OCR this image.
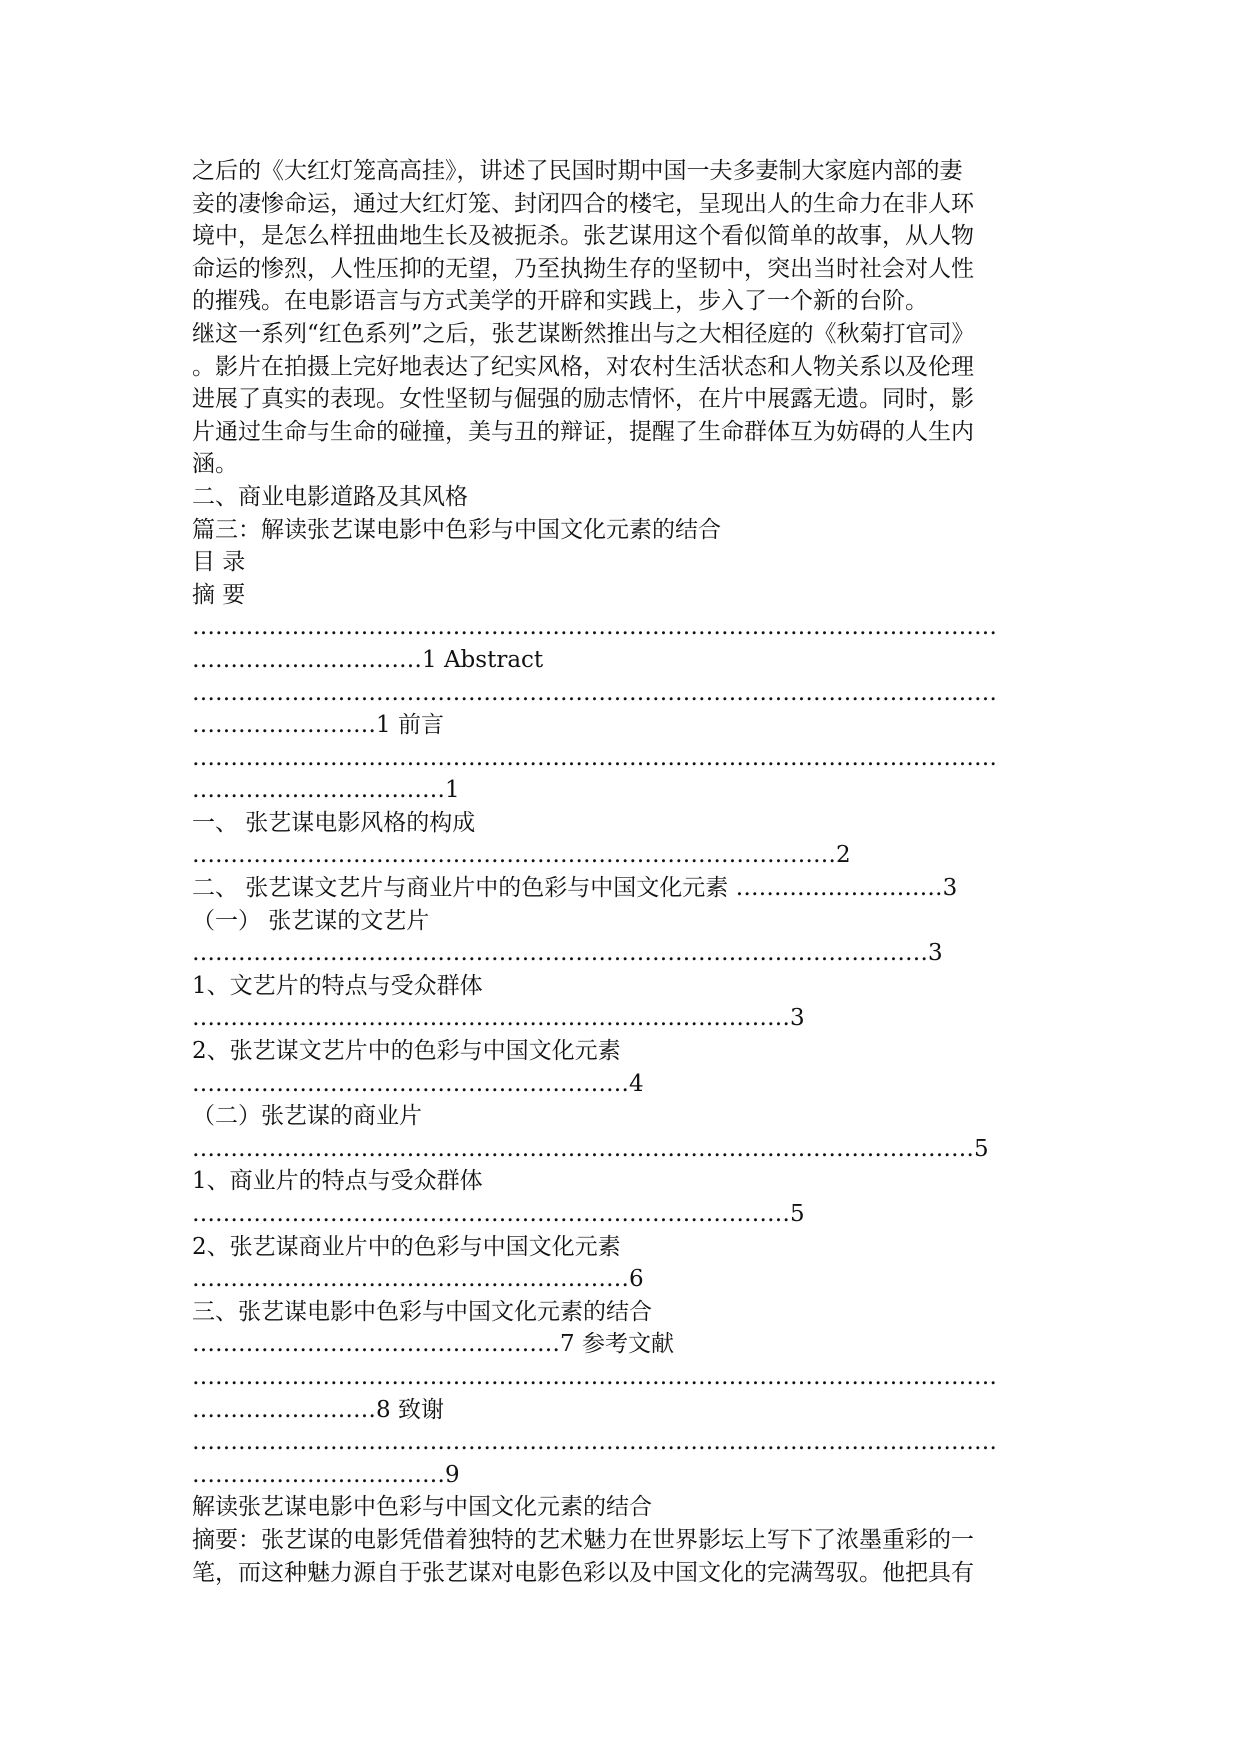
之后的《大红灯笼高高挂》，讲述了民国时期中国一夫多妻制大家庭内部的妻
妾的凄惨命运，通过大红灯笼、封闭四合的楼宅，呈现出人的生命力在非人环
境中，是怎么样扭曲地生长及被扼杀。张艺谋用这个看似简单的故事，从人物
命运的惨烈，人性压抑的无望，乃至执拗生存的坚韧中，突出当时社会对人性
的摧残。在电影语言与方式美学的开辟和实践上，步入了一个新的台阶。
继这一系列“红色系列”之后，张艺谋断然推出与之大相径庭的《秋菊打官司》
。影片在拍摄上完好地表达了纪实风格，对农村生活状态和人物关系以及伦理
进展了真实的表现。女性坚韧与倔强的励志情怀，在片中展露无遗。同时，影
片通过生命与生命的碰撞，美与丑的辩证，提醒了生命群体互为妨碍的人生内
涵。
二、商业电影道路及其风格
篇三：解读张艺谋电影中色彩与中国文化元素的结合
目 录
摘 要
……………………………………………………………………………………………
…………………………1 Abstract
……………………………………………………………………………………………
……………………1 前言
……………………………………………………………………………………………
……………………………1
一、 张艺谋电影风格的构成
…………………………………………………………………………2
二、 张艺谋文艺片与商业片中的色彩与中国文化元素 ………………………3
（一） 张艺谋的文艺片
……………………………………………………………………………………3
1、文艺片的特点与受众群体
……………………………………………………………………3
2、张艺谋文艺片中的色彩与中国文化元素
…………………………………………………4
（二）张艺谋的商业片
…………………………………………………………………………………………5
1、商业片的特点与受众群体
……………………………………………………………………5
2、张艺谋商业片中的色彩与中国文化元素
…………………………………………………6
三、张艺谋电影中色彩与中国文化元素的结合
…………………………………………7 参考文献
……………………………………………………………………………………………
……………………8 致谢
……………………………………………………………………………………………
……………………………9
解读张艺谋电影中色彩与中国文化元素的结合
摘要：张艺谋的电影凭借着独特的艺术魅力在世界影坛上写下了浓墨重彩的一
笔，而这种魅力源自于张艺谋对电影色彩以及中国文化的完满驾驭。他把具有
